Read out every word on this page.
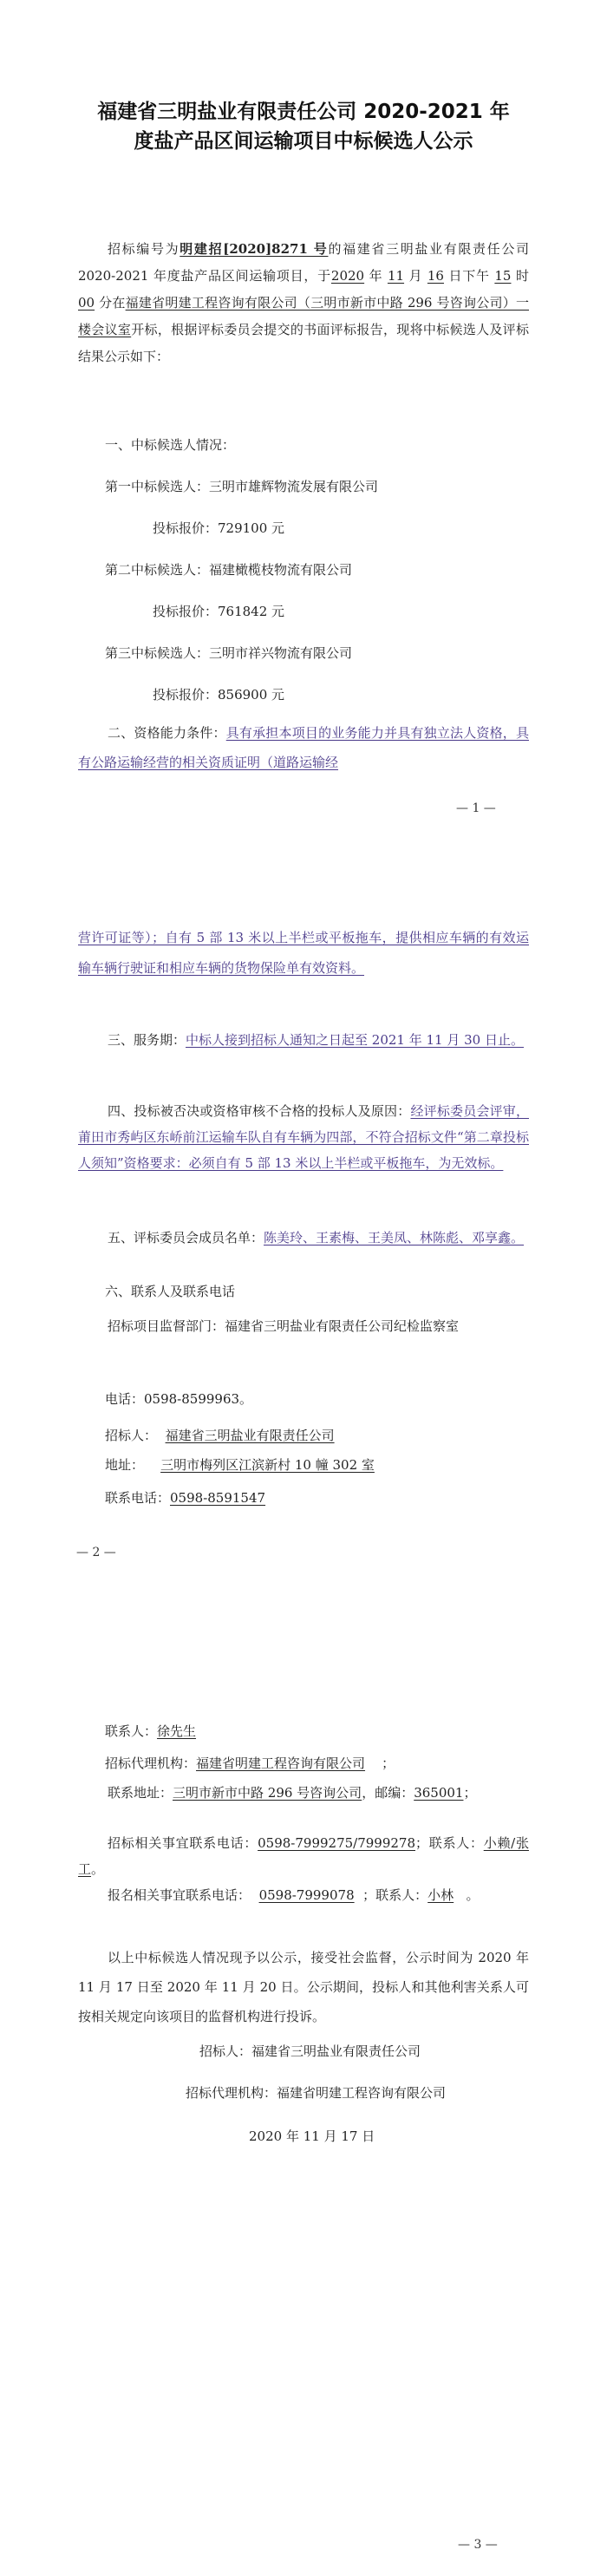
福建省三明盐业有限责任公司 2020-2021 年
度盐产品区间运输项目中标候选人公示
招标编号为明建招[2020]8271 号的福建省三明盐业有限责任公司 2020-2021 年度盐产品区间运输项目，于2020 年 11 月 16 日下午 15 时 00 分在福建省明建工程咨询有限公司（三明市新市中路 296 号咨询公司）一楼会议室开标，根据评标委员会提交的书面评标报告，现将中标候选人及评标结果公示如下：
一、中标候选人情况：
第一中标候选人：三明市雄辉物流发展有限公司
投标报价：729100 元
第二中标候选人：福建橄榄枝物流有限公司
投标报价：761842 元
第三中标候选人：三明市祥兴物流有限公司
投标报价：856900 元
二、资格能力条件：具有承担本项目的业务能力并具有独立法人资格，具有公路运输经营的相关资质证明（道路运输经
— 1 —
营许可证等）；自有 5 部 13 米以上半栏或平板拖车，提供相应车辆的有效运输车辆行驶证和相应车辆的货物保险单有效资料。
三、服务期：中标人接到招标人通知之日起至 2021 年 11 月 30 日止。
四、投标被否决或资格审核不合格的投标人及原因：经评标委员会评审，莆田市秀屿区东峤前江运输车队自有车辆为四部，不符合招标文件“第二章投标人须知”资格要求：必须自有 5 部 13 米以上半栏或平板拖车，为无效标。
五、评标委员会成员名单：陈美玲、王素梅、王美凤、林陈彪、邓享鑫。
六、联系人及联系电话
招标项目监督部门：福建省三明盐业有限责任公司纪检监察室
电话：0598-8599963。
招标人： 福建省三明盐业有限责任公司
地址： 三明市梅列区江滨新村 10 幢 302 室
联系电话：0598-8591547
— 2 —
联系人：徐先生
招标代理机构：福建省明建工程咨询有限公司 ；
联系地址：三明市新市中路 296 号咨询公司，邮编：365001；
招标相关事宜联系电话：0598-7999275/7999278；联系人：小赖/张工。
报名相关事宜联系电话： 0598-7999078 ；联系人：小林 。
以上中标候选人情况现予以公示，接受社会监督，公示时间为 2020 年 11 月 17 日至 2020 年 11 月 20 日。公示期间，投标人和其他利害关系人可按相关规定向该项目的监督机构进行投诉。
招标人：福建省三明盐业有限责任公司
招标代理机构：福建省明建工程咨询有限公司
2020 年 11 月 17 日
— 3 —
